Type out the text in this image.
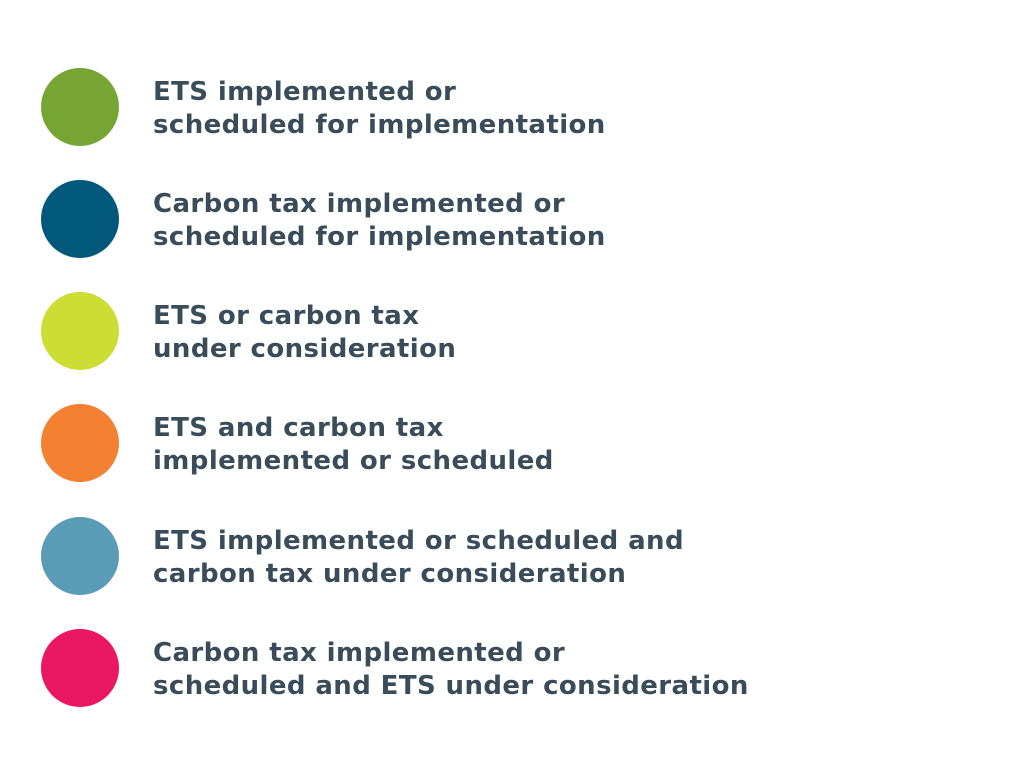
ETS implemented or
scheduled for implementation
Carbon tax implemented or
scheduled for implementation
ETS or carbon tax
under consideration
ETS and carbon tax
implemented or scheduled
ETS implemented or scheduled and
carbon tax under consideration
Carbon tax implemented or
scheduled and ETS under consideration
